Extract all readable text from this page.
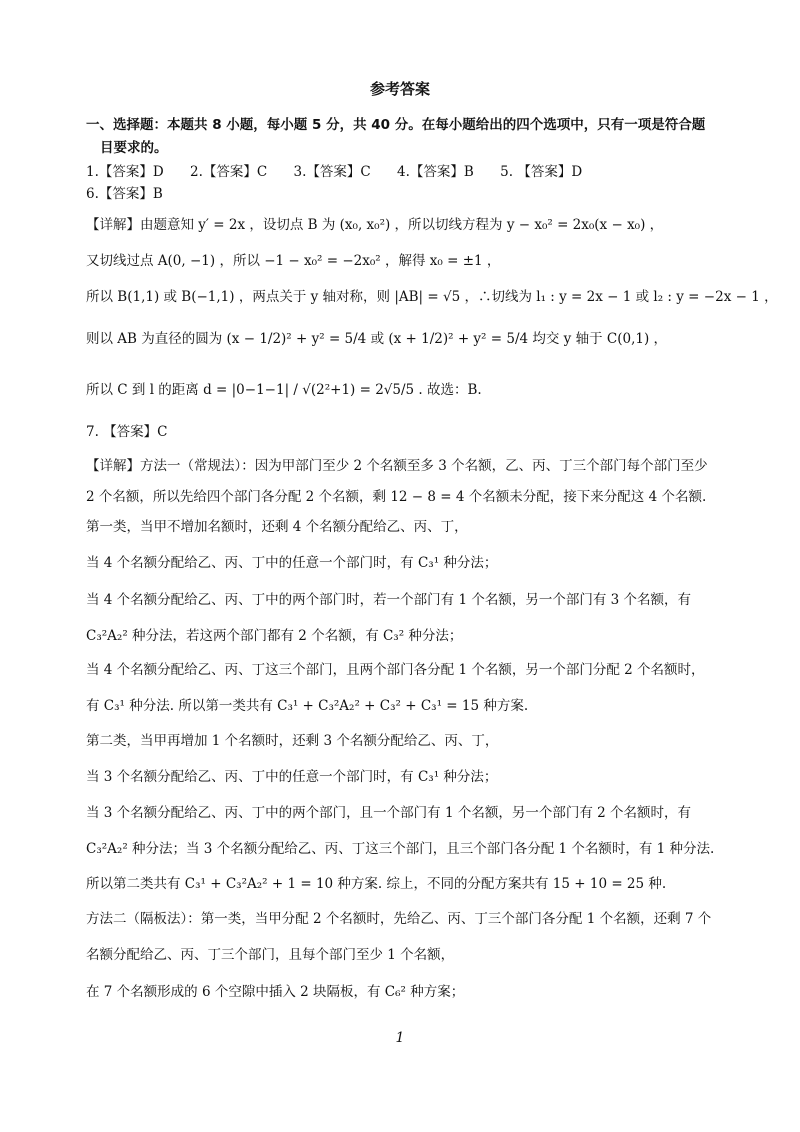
参考答案
一、选择题：本题共 8 小题，每小题 5 分，共 40 分。在每小题给出的四个选项中，只有一项是符合题
目要求的。
1.【答案】D 2.【答案】C 3.【答案】C 4.【答案】B 5. 【答案】D
6.【答案】B
【详解】由题意知 y′ = 2x ，设切点 B 为 (x₀, x₀²) ，所以切线方程为 y − x₀² = 2x₀(x − x₀) ，
又切线过点 A(0, −1) ，所以 −1 − x₀² = −2x₀² ，解得 x₀ = ±1 ，
所以 B(1,1) 或 B(−1,1) ，两点关于 y 轴对称，则 |AB| = √5 ，∴切线为 l₁ : y = 2x − 1 或 l₂ : y = −2x − 1 ，
则以 AB 为直径的圆为 (x − 1/2)² + y² = 5/4 或 (x + 1/2)² + y² = 5/4 均交 y 轴于 C(0,1) ，
所以 C 到 l 的距离 d = |0−1−1| / √(2²+1) = 2√5/5 . 故选：B.
7. 【答案】C
【详解】方法一（常规法）：因为甲部门至少 2 个名额至多 3 个名额，乙、丙、丁三个部门每个部门至少
2 个名额，所以先给四个部门各分配 2 个名额，剩 12 − 8 = 4 个名额未分配，接下来分配这 4 个名额.
第一类，当甲不增加名额时，还剩 4 个名额分配给乙、丙、丁，
当 4 个名额分配给乙、丙、丁中的任意一个部门时，有 C₃¹ 种分法；
当 4 个名额分配给乙、丙、丁中的两个部门时，若一个部门有 1 个名额，另一个部门有 3 个名额，有
C₃²A₂² 种分法，若这两个部门都有 2 个名额，有 C₃² 种分法；
当 4 个名额分配给乙、丙、丁这三个部门，且两个部门各分配 1 个名额，另一个部门分配 2 个名额时，
有 C₃¹ 种分法. 所以第一类共有 C₃¹ + C₃²A₂² + C₃² + C₃¹ = 15 种方案.
第二类，当甲再增加 1 个名额时，还剩 3 个名额分配给乙、丙、丁，
当 3 个名额分配给乙、丙、丁中的任意一个部门时，有 C₃¹ 种分法；
当 3 个名额分配给乙、丙、丁中的两个部门，且一个部门有 1 个名额，另一个部门有 2 个名额时，有
C₃²A₂² 种分法；当 3 个名额分配给乙、丙、丁这三个部门，且三个部门各分配 1 个名额时，有 1 种分法.
所以第二类共有 C₃¹ + C₃²A₂² + 1 = 10 种方案. 综上，不同的分配方案共有 15 + 10 = 25 种.
方法二（隔板法）：第一类，当甲分配 2 个名额时，先给乙、丙、丁三个部门各分配 1 个名额，还剩 7 个
名额分配给乙、丙、丁三个部门，且每个部门至少 1 个名额，
在 7 个名额形成的 6 个空隙中插入 2 块隔板，有 C₆² 种方案；
1
